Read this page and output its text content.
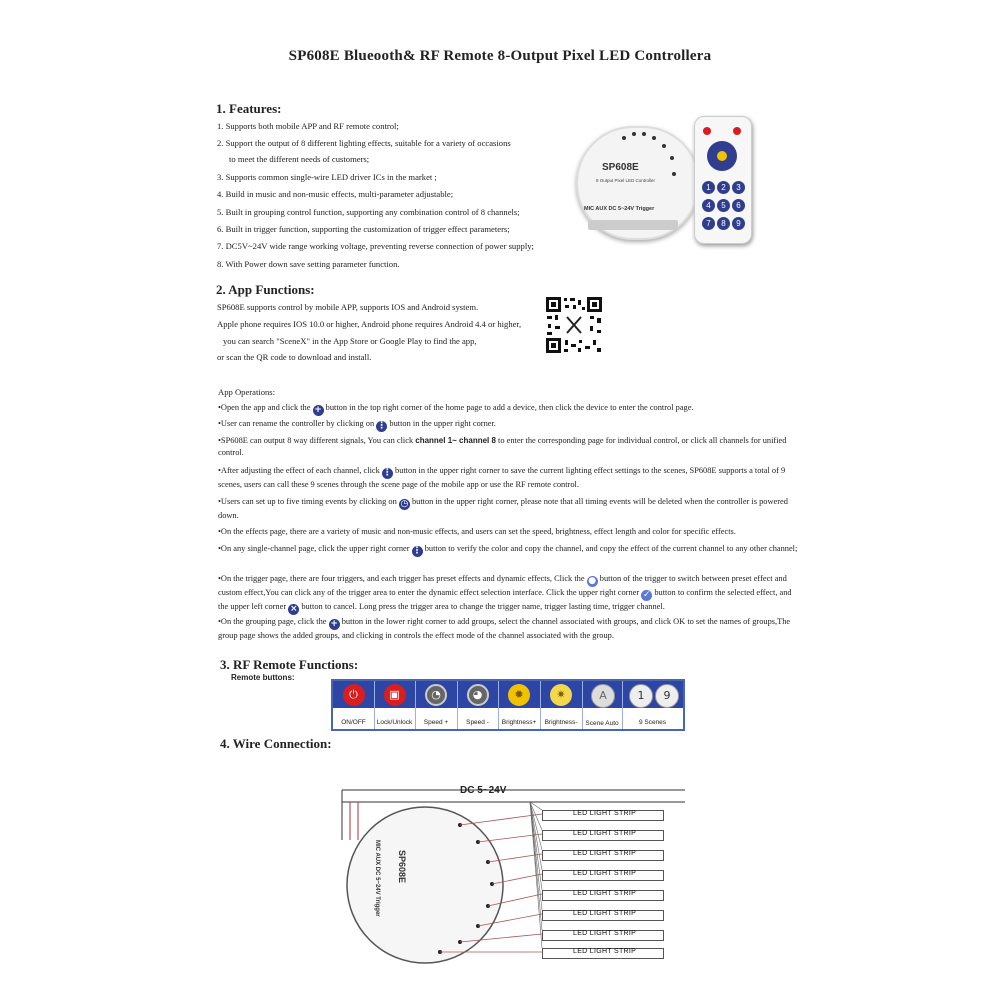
SP608E Blueooth& RF Remote 8-Output Pixel LED Controllera
1. Features:
1. Supports both mobile APP and RF remote control;
2. Support the output of 8 different lighting effects, suitable for a variety of occasions
to meet the different needs of customers;
3. Supports common single-wire LED driver ICs in the market ;
4. Build in music and non-music effects, multi-parameter adjustable;
5. Built in grouping control function, supporting any combination control of 8 channels;
6. Built in trigger function, supporting the customization of trigger effect parameters;
7. DC5V~24V wide range working voltage, preventing reverse connection of power supply;
8. With Power down save setting parameter function.
SP608E
8 Output Pixel LED Controller
MIC AUX DC 5~24V Trigger
1 2 34 5 67 8 9
2. App Functions:
SP608E supports control by mobile APP, supports IOS and Android system.
Apple phone requires IOS 10.0 or higher, Android phone requires Android 4.4 or higher,
you can search "SceneX" in the App Store or Google Play to find the app,
or scan the QR code to download and install.
App Operations:
•Open the app and click the + button in the top right corner of the home page to add a device, then click the device to enter the control page.
•User can rename the controller by clicking on ⋮ button in the upper right corner.
•SP608E can output 8 way different signals, You can click channel 1~ channel 8 to enter the corresponding page for individual control, or click all channels for unified control.
•After adjusting the effect of each channel, click ⋮ button in the upper right corner to save the current lighting effect settings to the scenes, SP608E supports a total of 9 scenes, users can call these 9 scenes through the scene page of the mobile app or use the RF remote control.
•Users can set up to five timing events by clicking on ◷ button in the upper right corner, please note that all timing events will be deleted when the controller is powered down.
•On the effects page, there are a variety of music and non-music effects, and users can set the speed, brightness, effect length and color for specific effects.
•On any single-channel page, click the upper right corner ⋮ button to verify the color and copy the channel, and copy the effect of the current channel to any other channel;
•On the trigger page, there are four triggers, and each trigger has preset effects and dynamic effects, Click the ● button of the trigger to switch between preset effect and custom effect,You can click any of the trigger area to enter the dynamic effect selection interface. Click the upper right corner ✓ button to confirm the selected effect, and the upper left corner × button to cancel. Long press the trigger area to change the trigger name, trigger lasting time, trigger channel.
•On the grouping page, click the + button in the lower right corner to add groups, select the channel associated with groups, and click OK to set the names of groups,The group page shows the added groups, and clicking in controls the effect mode of the channel associated with the group.
3. RF Remote Functions:
Remote buttons:
⏻
ON/OFF
▣
Lock/Unlock
◔
Speed +
◕
Speed -
✹
Brightness+
✷
Brightness-
A
Scene Auto
1	9
9 Scenes
4. Wire Connection:
DC 5~24V
SP608E
MIC AUX DC 5~24V Trigger
LED LIGHT STRIP
LED LIGHT STRIP
LED LIGHT STRIP
LED LIGHT STRIP
LED LIGHT STRIP
LED LIGHT STRIP
LED LIGHT STRIP
LED LIGHT STRIP
